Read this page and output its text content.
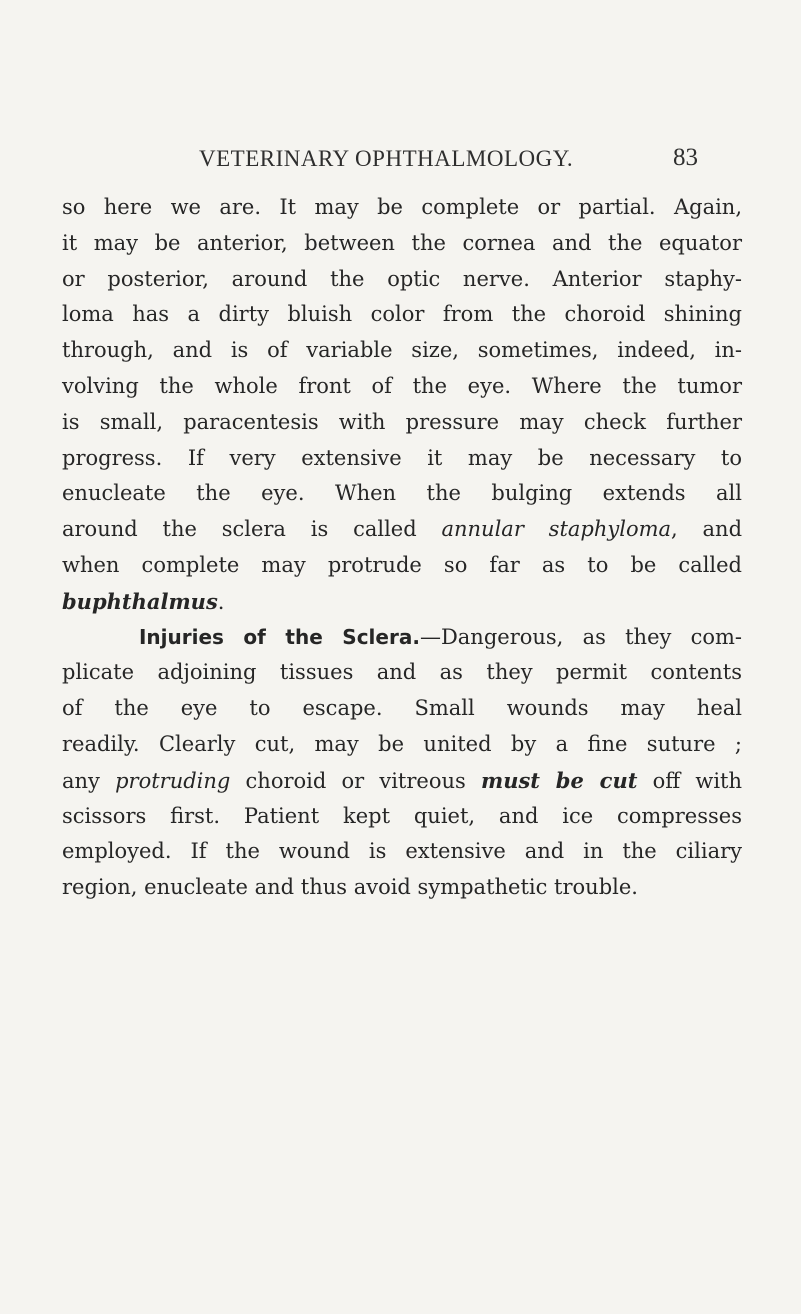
VETERINARY OPHTHALMOLOGY.	83
so here we are. It may be complete or partial. Again,
it may be anterior, between the cornea and the equator
or posterior, around the optic nerve. Anterior staphy-
loma has a dirty bluish color from the choroid shining
through, and is of variable size, sometimes, indeed, in-
volving the whole front of the eye. Where the tumor
is small, paracentesis with pressure may check further
progress. If very extensive it may be necessary to
enucleate the eye. When the bulging extends all
around the sclera is called annular staphyloma, and
when complete may protrude so far as to be called
buphthalmus.
Injuries of the Sclera.—Dangerous, as they com-
plicate adjoining tissues and as they permit contents
of the eye to escape. Small wounds may heal
readily. Clearly cut, may be united by a fine suture ;
any protruding choroid or vitreous must be cut off with
scissors first. Patient kept quiet, and ice compresses
employed. If the wound is extensive and in the ciliary
region, enucleate and thus avoid sympathetic trouble.
